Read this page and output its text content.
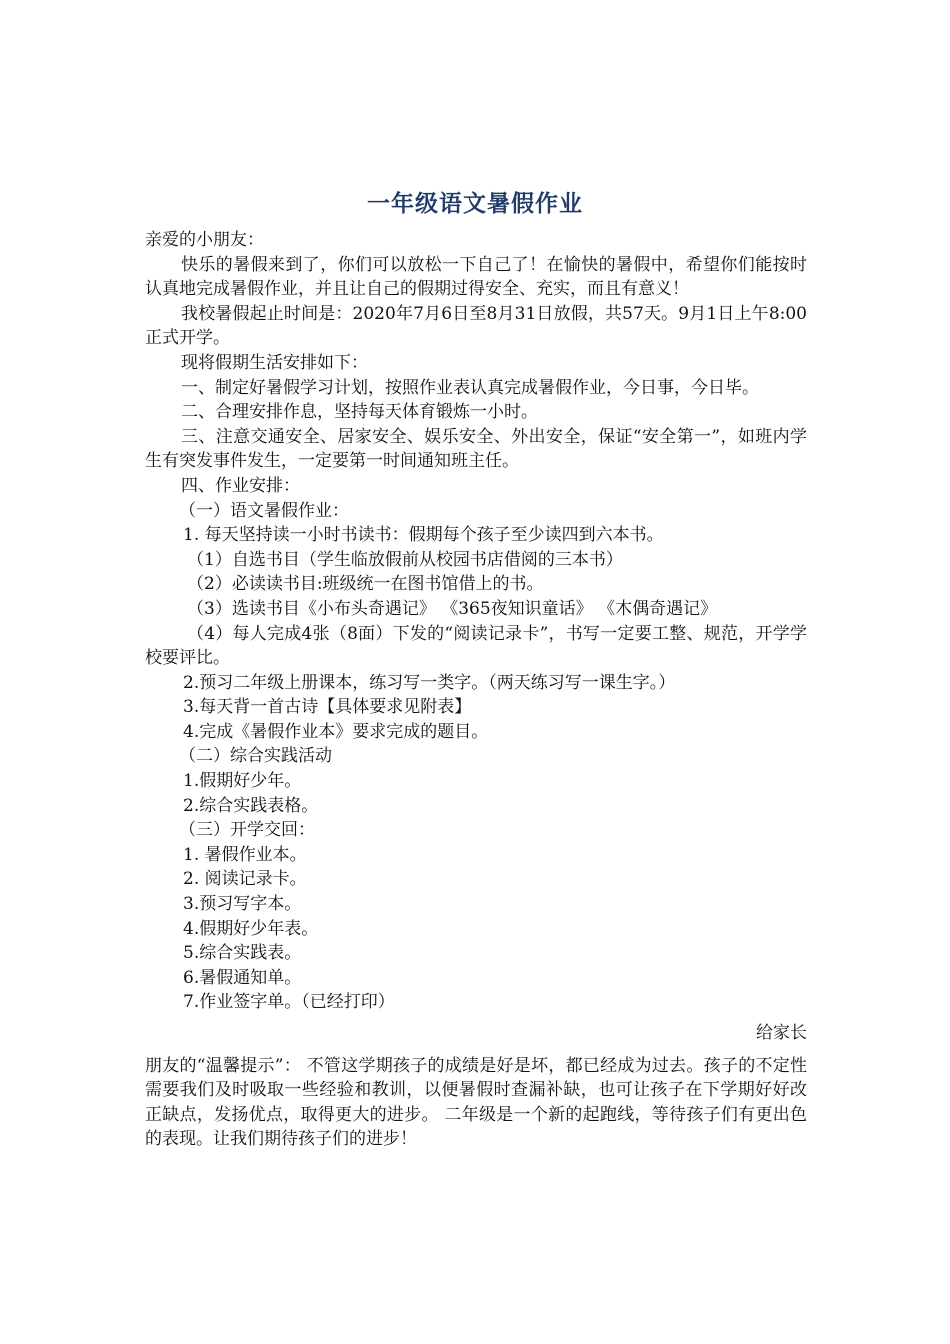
一年级语文暑假作业

亲爱的小朋友：

快乐的暑假来到了，你们可以放松一下自己了！在愉快的暑假中，希望你们能按时认真地完成暑假作业，并且让自己的假期过得安全、充实，而且有意义！

我校暑假起止时间是：2020年7月6日至8月31日放假，共57天。9月1日上午8:00正式开学。

现将假期生活安排如下：

一、制定好暑假学习计划，按照作业表认真完成暑假作业，今日事，今日毕。

二、合理安排作息，坚持每天体育锻炼一小时。

三、注意交通安全、居家安全、娱乐安全、外出安全，保证“安全第一”，如班内学生有突发事件发生，一定要第一时间通知班主任。

四、作业安排：

（一）语文暑假作业：

1. 每天坚持读一小时书读书：假期每个孩子至少读四到六本书。

（1）自选书目（学生临放假前从校园书店借阅的三本书）

（2）必读读书目:班级统一在图书馆借上的书。

（3）选读书目《小布头奇遇记》 《365夜知识童话》 《木偶奇遇记》

（4）每人完成4张（8面）下发的“阅读记录卡”，书写一定要工整、规范，开学学校要评比。

2.预习二年级上册课本，练习写一类字。（两天练习写一课生字。）

3.每天背一首古诗【具体要求见附表】

4.完成《暑假作业本》要求完成的题目。

（二）综合实践活动

1.假期好少年。

2.综合实践表格。

（三）开学交回：

1. 暑假作业本。

2. 阅读记录卡。

3.预习写字本。

4.假期好少年表。

5.综合实践表。

6.暑假通知单。

7.作业签字单。（已经打印）

给家长

朋友的“温馨提示”： 不管这学期孩子的成绩是好是坏，都已经成为过去。孩子的不定性需要我们及时吸取一些经验和教训，以便暑假时查漏补缺，也可让孩子在下学期好好改正缺点，发扬优点，取得更大的进步。 二年级是一个新的起跑线，等待孩子们有更出色的表现。让我们期待孩子们的进步！
